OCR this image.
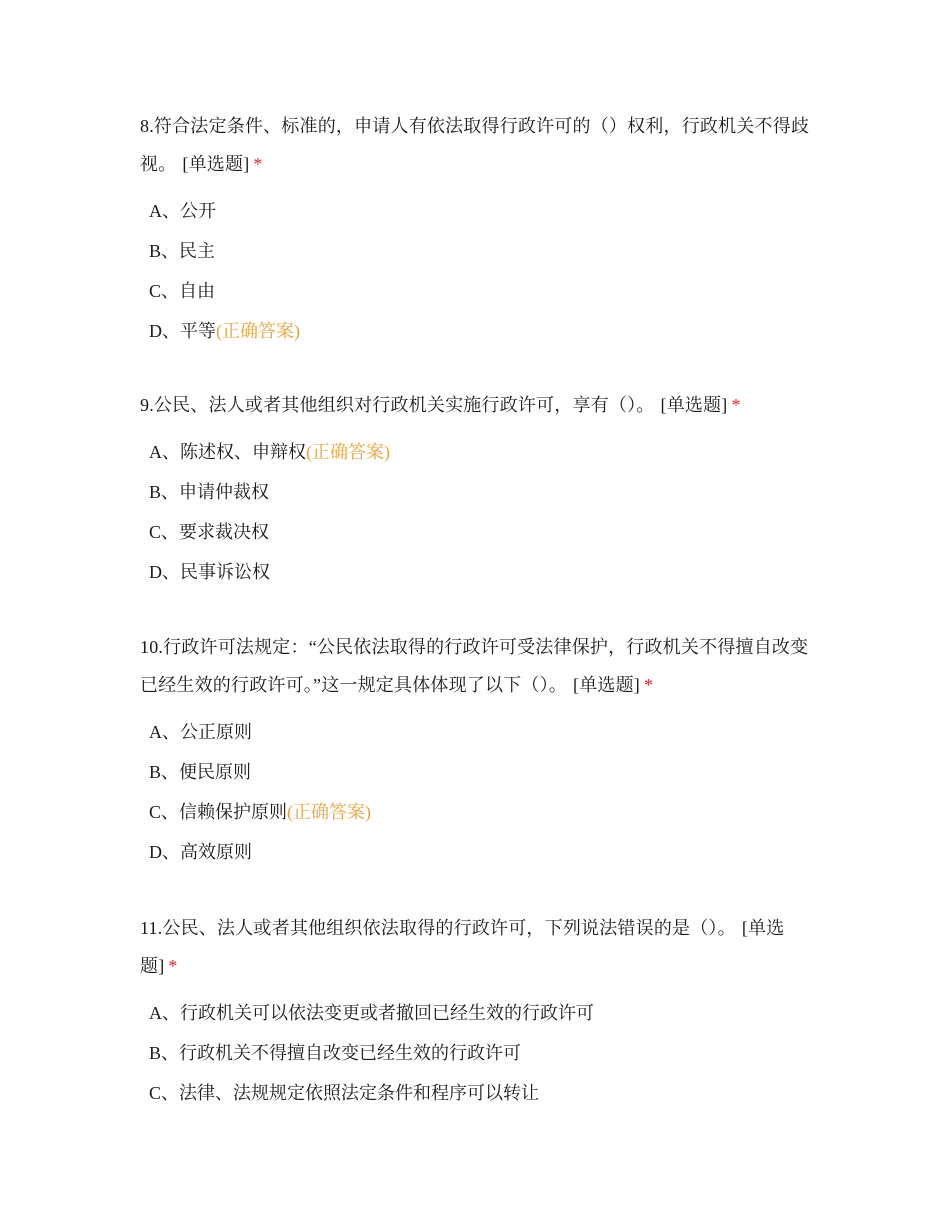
8.符合法定条件、标准的，申请人有依法取得行政许可的（）权利，行政机关不得歧视。 [单选题] *

A、公开
B、民主
C、自由
D、平等(正确答案)

9.公民、法人或者其他组织对行政机关实施行政许可，享有（）。 [单选题] *

A、陈述权、申辩权(正确答案)
B、申请仲裁权
C、要求裁决权
D、民事诉讼权

10.行政许可法规定：“公民依法取得的行政许可受法律保护，行政机关不得擅自改变已经生效的行政许可。”这一规定具体体现了以下（）。 [单选题] *

A、公正原则
B、便民原则
C、信赖保护原则(正确答案)
D、高效原则

11.公民、法人或者其他组织依法取得的行政许可，下列说法错误的是（）。 [单选题] *

A、行政机关可以依法变更或者撤回已经生效的行政许可
B、行政机关不得擅自改变已经生效的行政许可
C、法律、法规规定依照法定条件和程序可以转让
